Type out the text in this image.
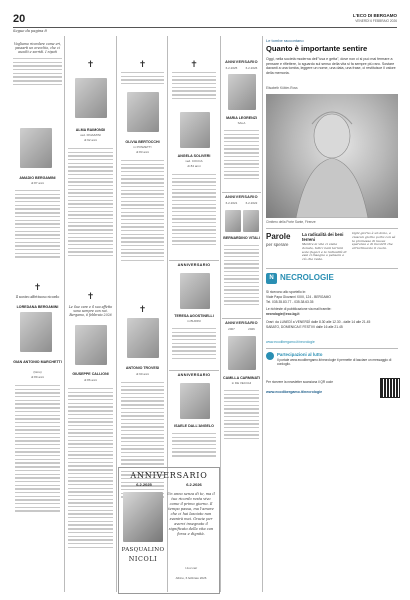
20	L'ECO DI BERGAMO
VENERDÌ 6 FEBBRAIO 2026
Segue da pagina 8
Vogliamo ricordare come eri, passarti un orecchio, che ci ascolti e sorridi. I nipoti
AMADIO BERGAMINI
di 87 anni
✝
Il nostro affettuoso ricordo
LOREDANA BERGAMINI
GIAN ANTONIO MARCHETTI
(Gino)
di 89 anni
✝
ALMA RAIMONDI
ved. FINAZZINI
di 92 anni
✝
Le Sue care e il suo affetto sono sempre con noi. Bergamo, 6 febbraio 2026
GIUSEPPE CALLIONI
di 86 anni
✝
OLIVIA BERTOCCHI
in PONZETTI
di 83 anni
✝
ANTONIO TROVESI
di 90 anni
✝
ANGELA SOLIVERI
ved. COCCA
di 84 anni
ANNIVERSARIO
TERESA AGOSTINELLI
in BURINI
ANNIVERSARIO
ISAELE DALL'ANGELO
ANNIVERSARIO
6.2.2025	6.2.2026
MARIA LEGRENZI
SALA
ANNIVERSARIO
6.2.2021	6.2.2022
BERNARDINO VITALI
ANNIVERSARIO
2007	2026
CAMILLA CARMINATI
in DE VECCHI
ANNIVERSARIO
6.2.2025	6.2.2026
PASQUALINO
NICOLI
Un anno senza di te, ma il tuo ricordo resta vivo come il primo giorno. Il tempo passa, ma l'amore che ci hai lasciato non svanirà mai. Grazie per averci insegnato il significato della vita con forza e dignità.
I tuoi cari
Albino, 6 febbraio 2026
Le tombe raccontano
Quanto è importante sentire
Oggi, nella società moderna dell'"usa e getta", dove non ci si può mai fermare a pensare e riflettere, lo sguardo sul senso della vita si fa sempre più raro. Sostare davanti a una tomba, leggere un nome, una data, una frase, ci restituisce il valore della memoria.
Elisabeth Kübler-Ross
Cimitero della Porte Sante, Firenze
Parole
per sperare
La radicalità dei beni terreni
Mentre la vita ci viene donata, tutti i beni terreni sono fugaci e la radicalità di essi ci insegna a pensare a ciò che resta.
Ogni giorno è un dono, e ciascun giorno porta con sé la promessa di nuove speranze e di incontri che arricchiscono il cuore.
N NECROLOGIE
Si ricevono allo sportello in:
Viale Papa Giovanni XXIII, 124 - BERGAMO
Tel. 035.35.83.77 - 035.38.63.35
Le richieste di pubblicazione via mail tramite:
necrologie@eco.bg.it
Orari: da LUNEDÌ a VENERDÌ dalle 8.30 alle 12.30 - dalle 14 alle 21.45
SABATO, DOMENICA E FESTIVI dalle 16 alle 21.45
www.ecodibergamo.it/necrologie
Partecipazioni al lutto
Il portale www.ecodibergamo.it/necrologie ti permette di lasciare un messaggio di cordoglio.
Per ricevere la newsletter scansiona il QR code
www.ecodibergamo.it/necrologie
